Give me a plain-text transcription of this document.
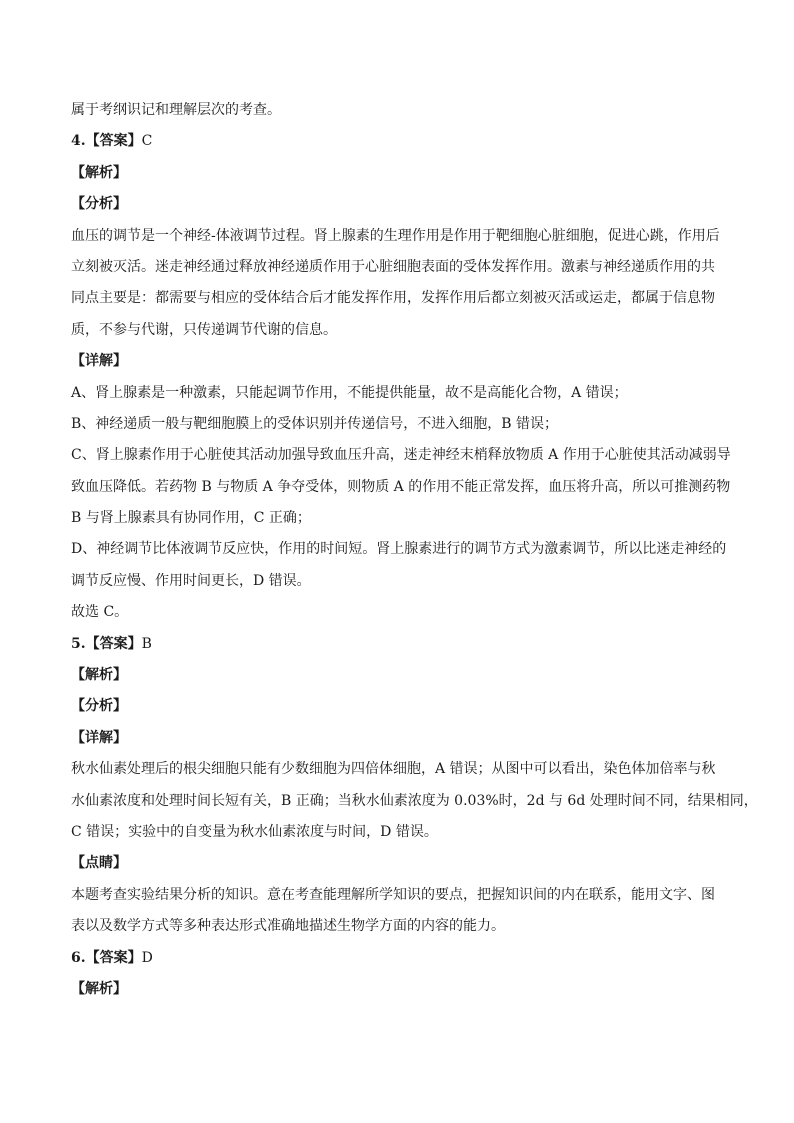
属于考纲识记和理解层次的考查。
4.【答案】C
【解析】
【分析】
血压的调节是一个神经-体液调节过程。肾上腺素的生理作用是作用于靶细胞心脏细胞，促进心跳，作用后
立刻被灭活。迷走神经通过释放神经递质作用于心脏细胞表面的受体发挥作用。激素与神经递质作用的共
同点主要是：都需要与相应的受体结合后才能发挥作用，发挥作用后都立刻被灭活或运走，都属于信息物
质，不参与代谢，只传递调节代谢的信息。
【详解】
A、肾上腺素是一种激素，只能起调节作用，不能提供能量，故不是高能化合物，A 错误；
B、神经递质一般与靶细胞膜上的受体识别并传递信号，不进入细胞，B 错误；
C、肾上腺素作用于心脏使其活动加强导致血压升高，迷走神经末梢释放物质 A 作用于心脏使其活动减弱导
致血压降低。若药物 B 与物质 A 争夺受体，则物质 A 的作用不能正常发挥，血压将升高，所以可推测药物
B 与肾上腺素具有协同作用，C 正确；
D、神经调节比体液调节反应快，作用的时间短。肾上腺素进行的调节方式为激素调节，所以比迷走神经的
调节反应慢、作用时间更长，D 错误。
故选 C。
5.【答案】B
【解析】
【分析】
【详解】
秋水仙素处理后的根尖细胞只能有少数细胞为四倍体细胞，A 错误；从图中可以看出，染色体加倍率与秋
水仙素浓度和处理时间长短有关，B 正确；当秋水仙素浓度为 0.03%时，2d 与 6d 处理时间不同，结果相同，
C 错误；实验中的自变量为秋水仙素浓度与时间，D 错误。
【点睛】
本题考查实验结果分析的知识。意在考查能理解所学知识的要点，把握知识间的内在联系，能用文字、图
表以及数学方式等多种表达形式准确地描述生物学方面的内容的能力。
6.【答案】D
【解析】
